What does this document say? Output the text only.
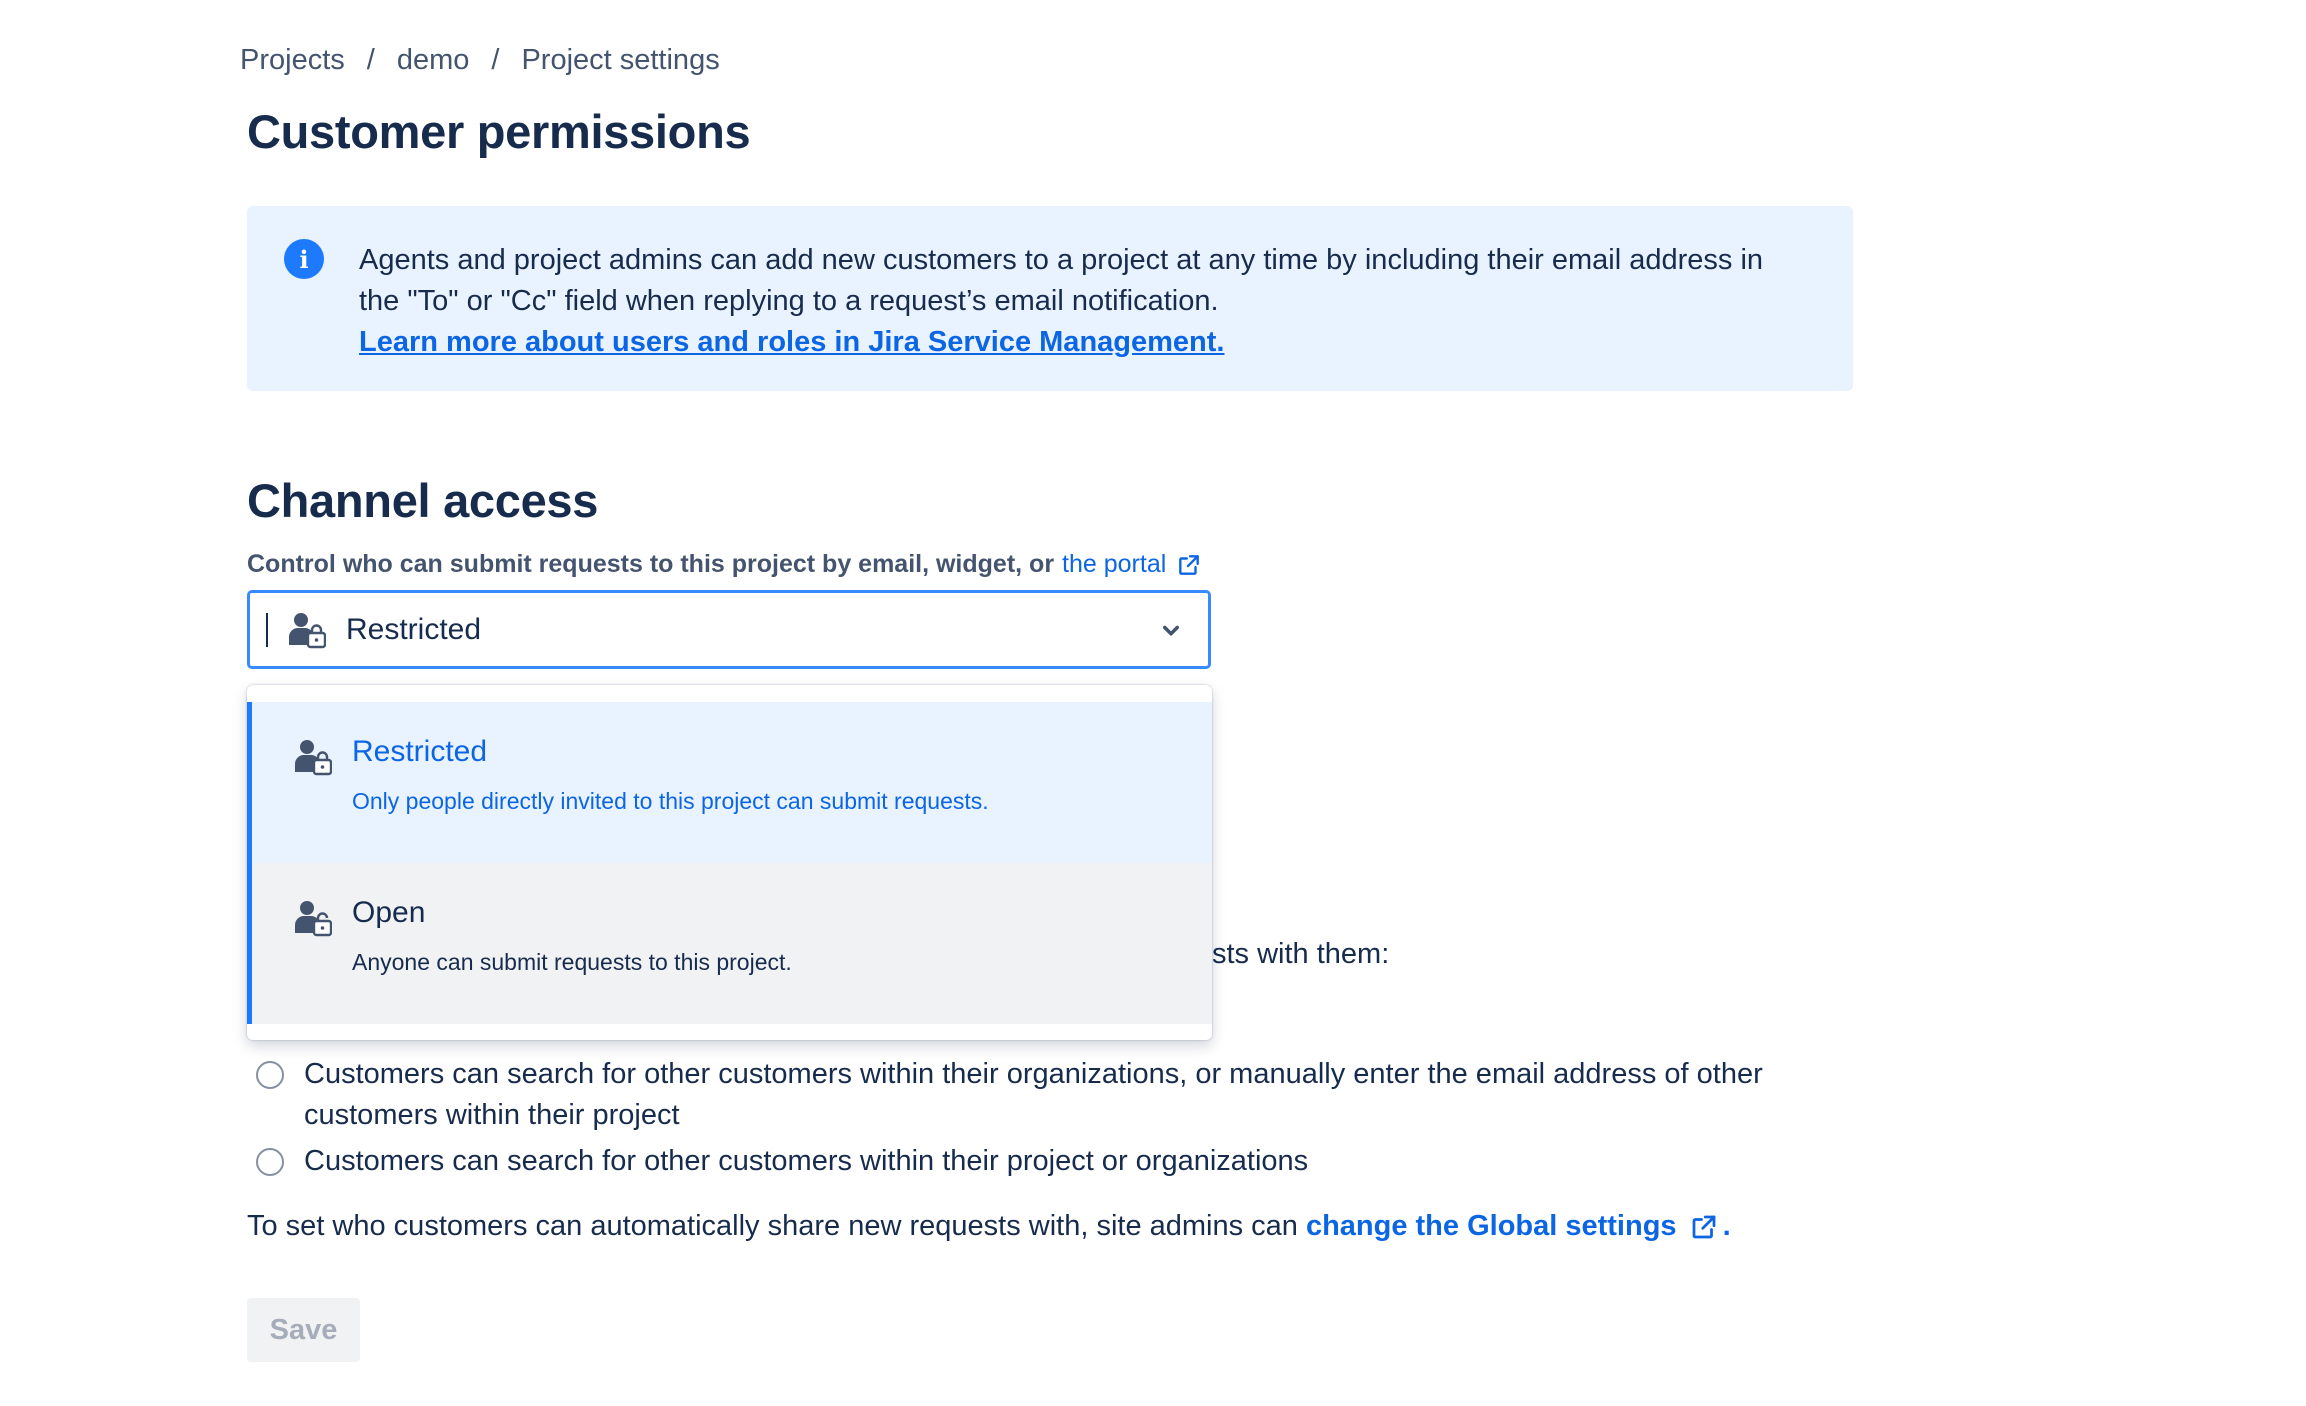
Projects / demo / Project settings
Customer permissions
i	Agents and project admins can add new customers to a project at any time by including their email address in the "To" or "Cc" field when replying to a request’s email notification.
Learn more about users and roles in Jira Service Management.
Channel access
Control who can submit requests to this project by email, widget, or the portal
Restricted
sts with them:
Restricted
Only people directly invited to this project can submit requests.
Open
Anyone can submit requests to this project.
Customers can search for other customers within their organizations, or manually enter the email address of other customers within their project
Customers can search for other customers within their project or organizations
To set who customers can automatically share new requests with, site admins can change the Global settings .
Save
